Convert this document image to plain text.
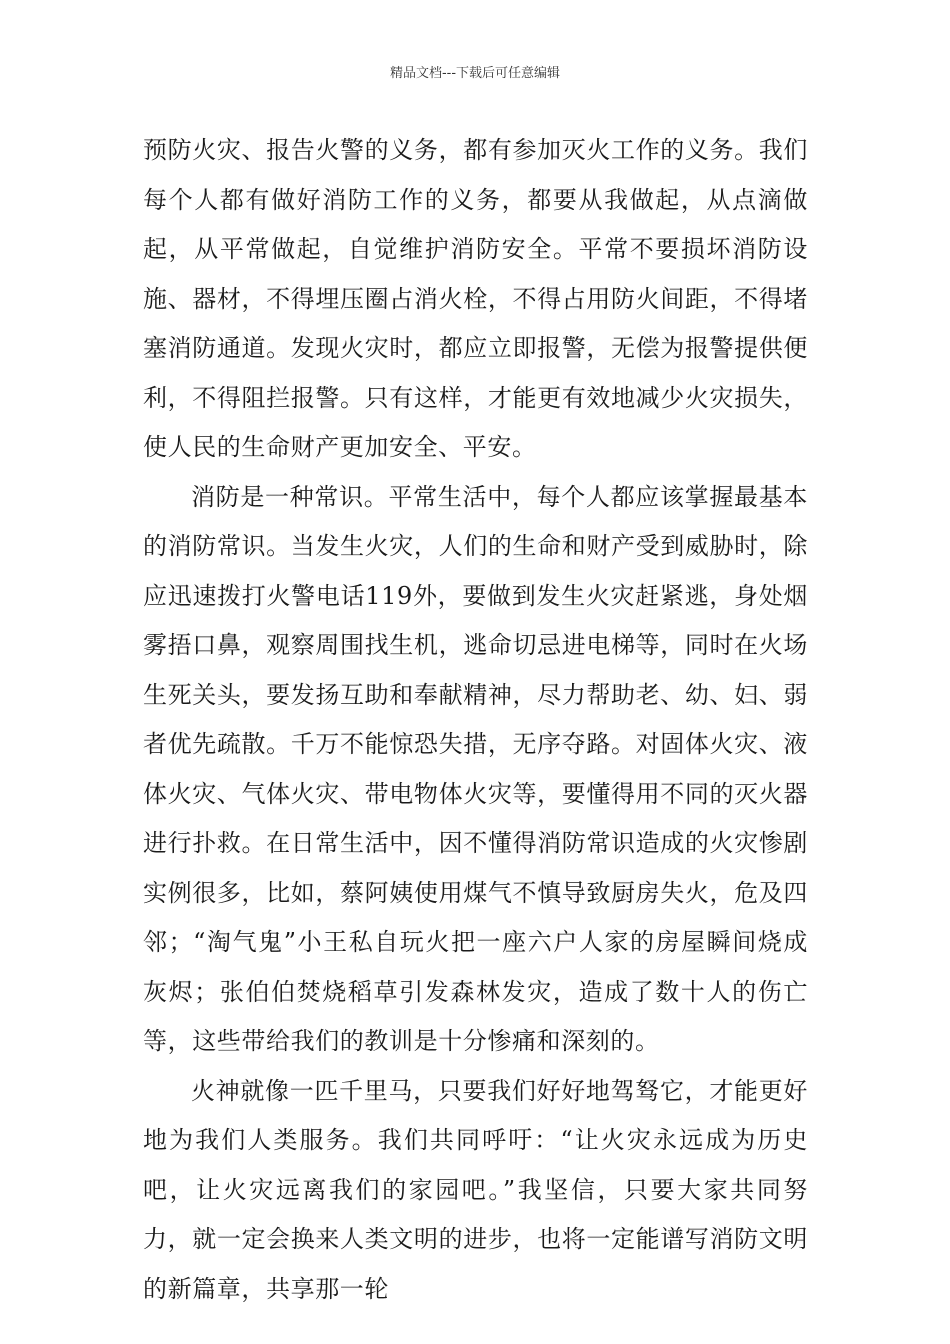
精品文档---下载后可任意编辑

预防火灾、报告火警的义务，都有参加灭火工作的义务。我们每个人都有做好消防工作的义务，都要从我做起，从点滴做起，从平常做起，自觉维护消防安全。平常不要损坏消防设施、器材，不得埋压圈占消火栓，不得占用防火间距，不得堵塞消防通道。发现火灾时，都应立即报警，无偿为报警提供便利，不得阻拦报警。只有这样，才能更有效地减少火灾损失，使人民的生命财产更加安全、平安。

消防是一种常识。平常生活中，每个人都应该掌握最基本的消防常识。当发生火灾，人们的生命和财产受到威胁时，除应迅速拨打火警电话119外，要做到发生火灾赶紧逃，身处烟雾捂口鼻，观察周围找生机，逃命切忌进电梯等，同时在火场生死关头，要发扬互助和奉献精神，尽力帮助老、幼、妇、弱者优先疏散。千万不能惊恐失措，无序夺路。对固体火灾、液体火灾、气体火灾、带电物体火灾等，要懂得用不同的灭火器进行扑救。在日常生活中，因不懂得消防常识造成的火灾惨剧实例很多，比如，蔡阿姨使用煤气不慎导致厨房失火，危及四邻；“淘气鬼”小王私自玩火把一座六户人家的房屋瞬间烧成灰烬；张伯伯焚烧稻草引发森林发灾，造成了数十人的伤亡等，这些带给我们的教训是十分惨痛和深刻的。

火神就像一匹千里马，只要我们好好地驾驽它，才能更好地为我们人类服务。我们共同呼吁：“让火灾永远成为历史吧，让火灾远离我们的家园吧。”我坚信，只要大家共同努力，就一定会换来人类文明的进步，也将一定能谱写消防文明的新篇章，共享那一轮
